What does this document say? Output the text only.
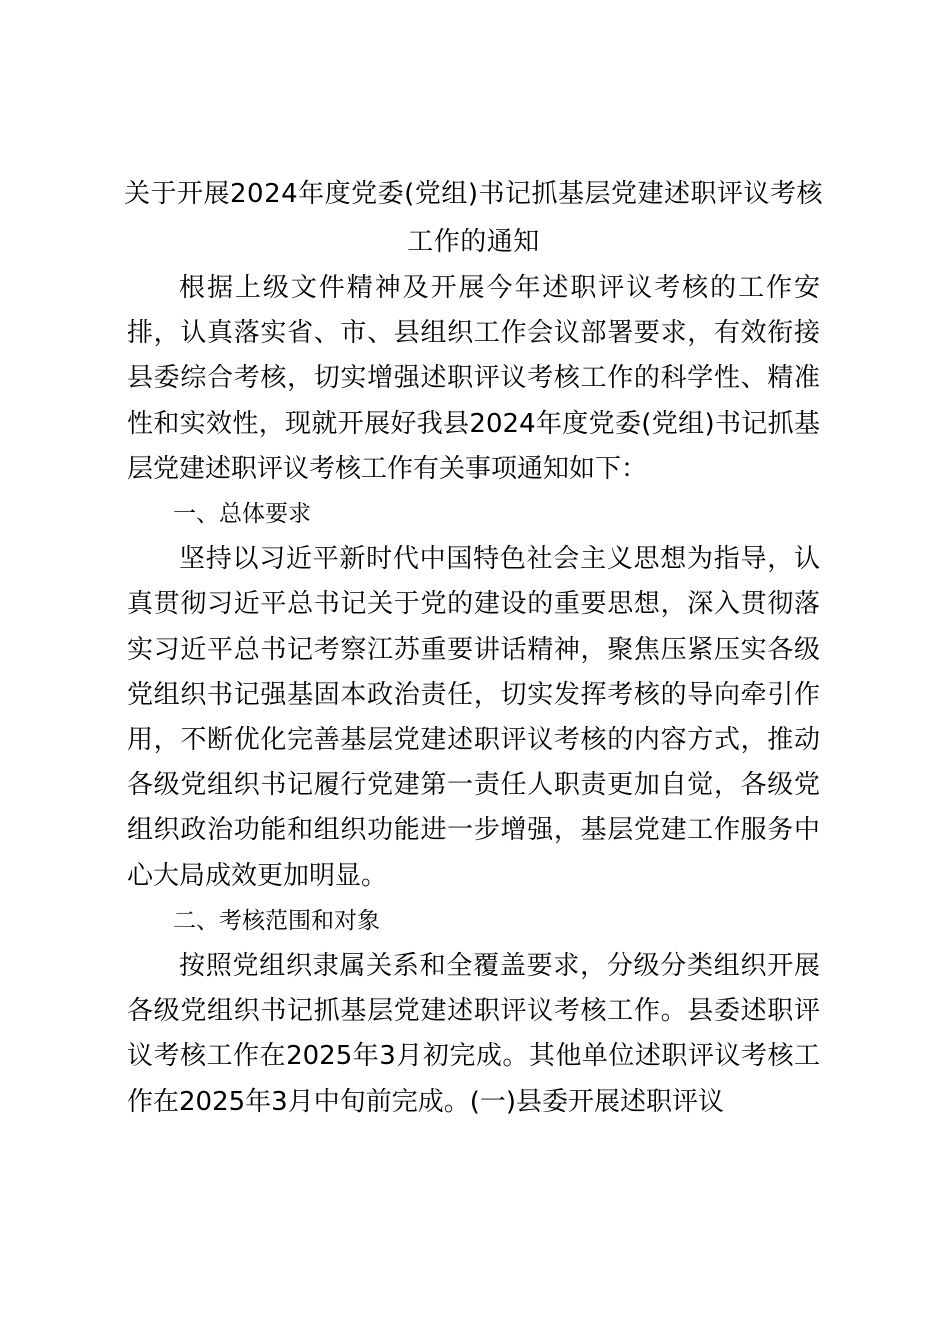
关于开展2024年度党委(党组)书记抓基层党建述职评议考核工作的通知

根据上级文件精神及开展今年述职评议考核的工作安排，认真落实省、市、县组织工作会议部署要求，有效衔接县委综合考核，切实增强述职评议考核工作的科学性、精准性和实效性，现就开展好我县2024年度党委(党组)书记抓基层党建述职评议考核工作有关事项通知如下：

一、总体要求

坚持以习近平新时代中国特色社会主义思想为指导，认真贯彻习近平总书记关于党的建设的重要思想，深入贯彻落实习近平总书记考察江苏重要讲话精神，聚焦压紧压实各级党组织书记强基固本政治责任，切实发挥考核的导向牵引作用，不断优化完善基层党建述职评议考核的内容方式，推动各级党组织书记履行党建第一责任人职责更加自觉，各级党组织政治功能和组织功能进一步增强，基层党建工作服务中心大局成效更加明显。

二、考核范围和对象

按照党组织隶属关系和全覆盖要求，分级分类组织开展各级党组织书记抓基层党建述职评议考核工作。县委述职评议考核工作在2025年3月初完成。其他单位述职评议考核工作在2025年3月中旬前完成。(一)县委开展述职评议
